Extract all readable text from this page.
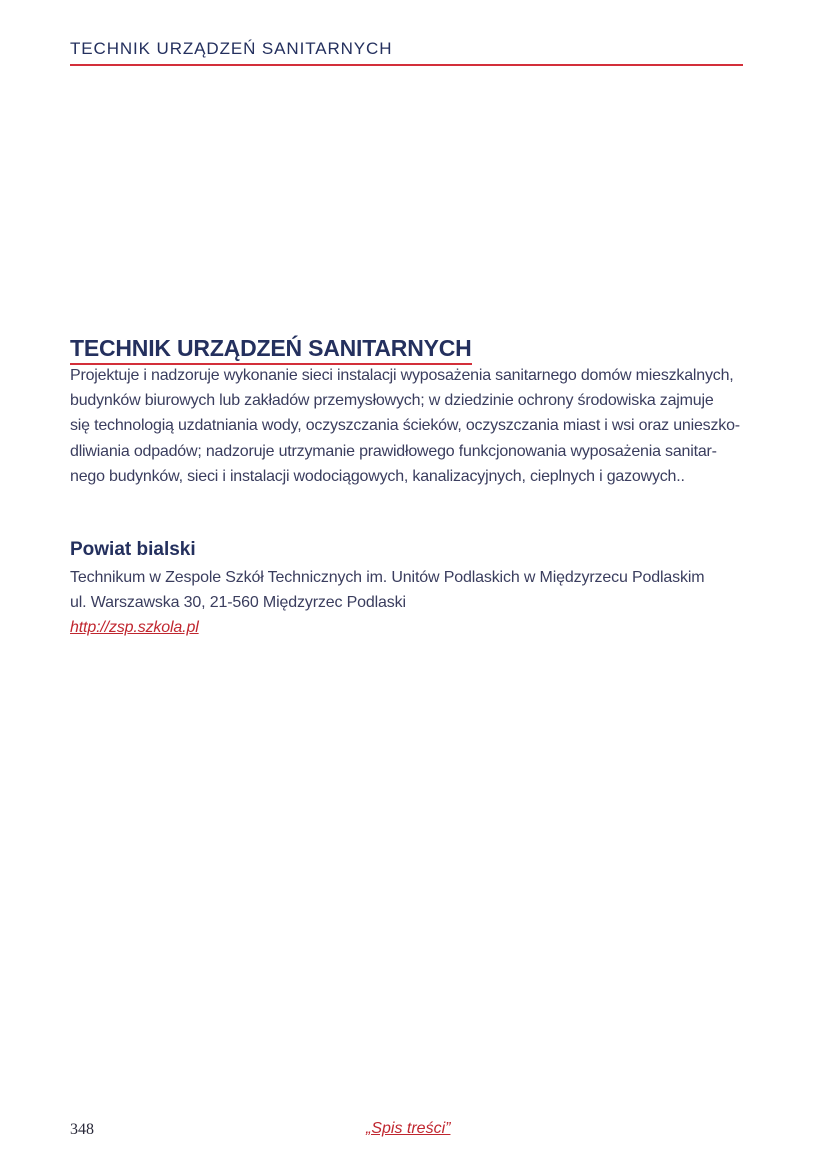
TECHNIK URZĄDZEŃ SANITARNYCH
TECHNIK URZĄDZEŃ SANITARNYCH
Projektuje i nadzoruje wykonanie sieci instalacji wyposażenia sanitarnego domów mieszkalnych,
budynków biurowych lub zakładów przemysłowych; w dziedzinie ochrony środowiska zajmuje
się technologią uzdatniania wody, oczyszczania ścieków, oczyszczania miast i wsi oraz unieszko-
dliwiania odpadów; nadzoruje utrzymanie prawidłowego funkcjonowania wyposażenia sanitar-
nego budynków, sieci i instalacji wodociągowych, kanalizacyjnych, cieplnych i gazowych..
Powiat bialski
Technikum w Zespole Szkół Technicznych im. Unitów Podlaskich w Międzyrzecu Podlaskim
ul. Warszawska 30, 21-560 Międzyrzec Podlaski
http://zsp.szkola.pl
348	„Spis treści”
